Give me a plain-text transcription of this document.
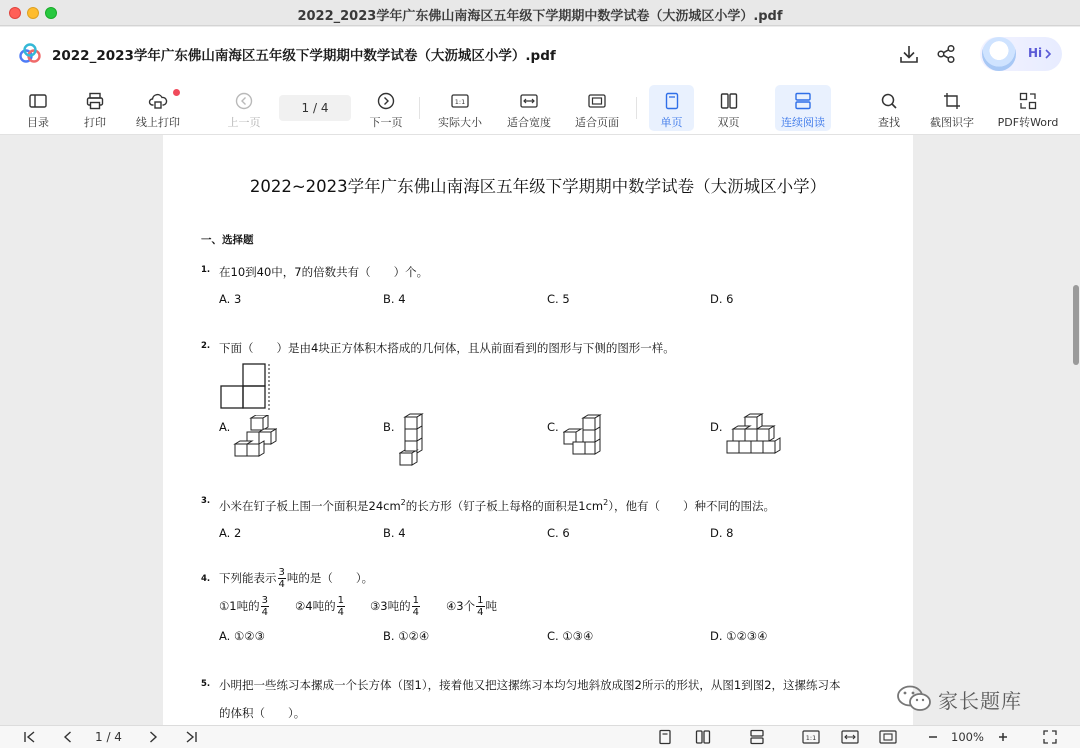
2022_2023学年广东佛山南海区五年级下学期期中数学试卷（大沥城区小学）.pdf
2022_2023学年广东佛山南海区五年级下学期期中数学试卷（大沥城区小学）.pdf	Hi
目录	打印	线上打印	上一页
1 / 4
下一页
1:1
实际大小	适合宽度	适合页面	单页	双页	连续阅读	查找	截图识字	PDF转Word
2022~2023学年广东佛山南海区五年级下学期期中数学试卷（大沥城区小学）
一、选择题
1. 在10到40中，7的倍数共有（　　）个。
A. 3	B. 4	C. 5	D. 6
2. 下面（　　）是由4块正方体积木搭成的几何体，且从前面看到的图形与下侧的图形一样。
A.	B.	C.	D.
3. 小米在钉子板上围一个面积是$24cm^2$的长方形（钉子板上每格的面积是$1cm^2$），他有（　　）种不同的围法。
A. 2	B. 4	C. 6	D. 8
4. 下列能表示 $\frac{3}{4}$ 吨的是（　　）。
①1吨的 $\frac{3}{4}$ ②4吨的 $\frac{1}{4}$ ③3吨的 $\frac{1}{4}$ ④3个 $\frac{1}{4}$ 吨
A. ①②③	B. ①②④	C. ①③④	D. ①②③④
5. 小明把一些练习本摞成一个长方体（图1），接着他又把这摞练习本均匀地斜放成图2所示的形状，从图1到图2，这摞练习本
的体积（　　）。	家长题库
1 / 4	1:1	100%
